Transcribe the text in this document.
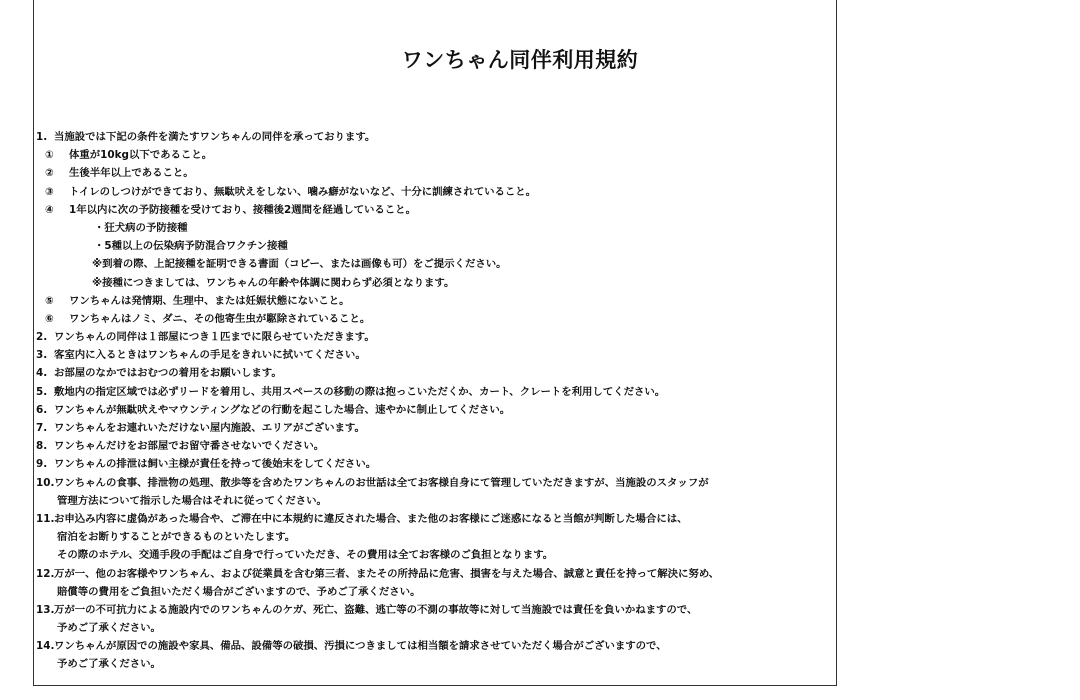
ワンちゃん同伴利用規約
1. 当施設では下記の条件を満たすワンちゃんの同伴を承っております。
① 体重が10kg以下であること。
② 生後半年以上であること。
③ トイレのしつけができており、無駄吠えをしない、噛み癖がないなど、十分に訓練されていること。
④ 1年以内に次の予防接種を受けており、接種後2週間を経過していること。
・狂犬病の予防接種
・5種以上の伝染病予防混合ワクチン接種
※到着の際、上記接種を証明できる書面（コピー、または画像も可）をご提示ください。
※接種につきましては、ワンちゃんの年齢や体調に関わらず必須となります。
⑤ ワンちゃんは発情期、生理中、または妊娠状態にないこと。
⑥ ワンちゃんはノミ、ダニ、その他寄生虫が駆除されていること。
2. ワンちゃんの同伴は１部屋につき１匹までに限らせていただきます。
3. 客室内に入るときはワンちゃんの手足をきれいに拭いてください。
4. お部屋のなかではおむつの着用をお願いします。
5. 敷地内の指定区域では必ずリードを着用し、共用スペースの移動の際は抱っこいただくか、カート、クレートを利用してください。
6. ワンちゃんが無駄吠えやマウンティングなどの行動を起こした場合、速やかに制止してください。
7. ワンちゃんをお連れいただけない屋内施設、エリアがございます。
8. ワンちゃんだけをお部屋でお留守番させないでください。
9. ワンちゃんの排泄は飼い主様が責任を持って後始末をしてください。
10.ワンちゃんの食事、排泄物の処理、散歩等を含めたワンちゃんのお世話は全てお客様自身にて管理していただきますが、当施設のスタッフが
管理方法について指示した場合はそれに従ってください。
11.お申込み内容に虚偽があった場合や、ご滞在中に本規約に違反された場合、また他のお客様にご迷惑になると当館が判断した場合には、
宿泊をお断りすることができるものといたします。
その際のホテル、交通手段の手配はご自身で行っていただき、その費用は全てお客様のご負担となります。
12.万が一、他のお客様やワンちゃん、および従業員を含む第三者、またその所持品に危害、損害を与えた場合、誠意と責任を持って解決に努め、
賠償等の費用をご負担いただく場合がございますので、予めご了承ください。
13.万が一の不可抗力による施設内でのワンちゃんのケガ、死亡、盗難、逃亡等の不測の事故等に対して当施設では責任を負いかねますので、
予めご了承ください。
14.ワンちゃんが原因での施設や家具、備品、設備等の破損、汚損につきましては相当額を請求させていただく場合がございますので、
予めご了承ください。
